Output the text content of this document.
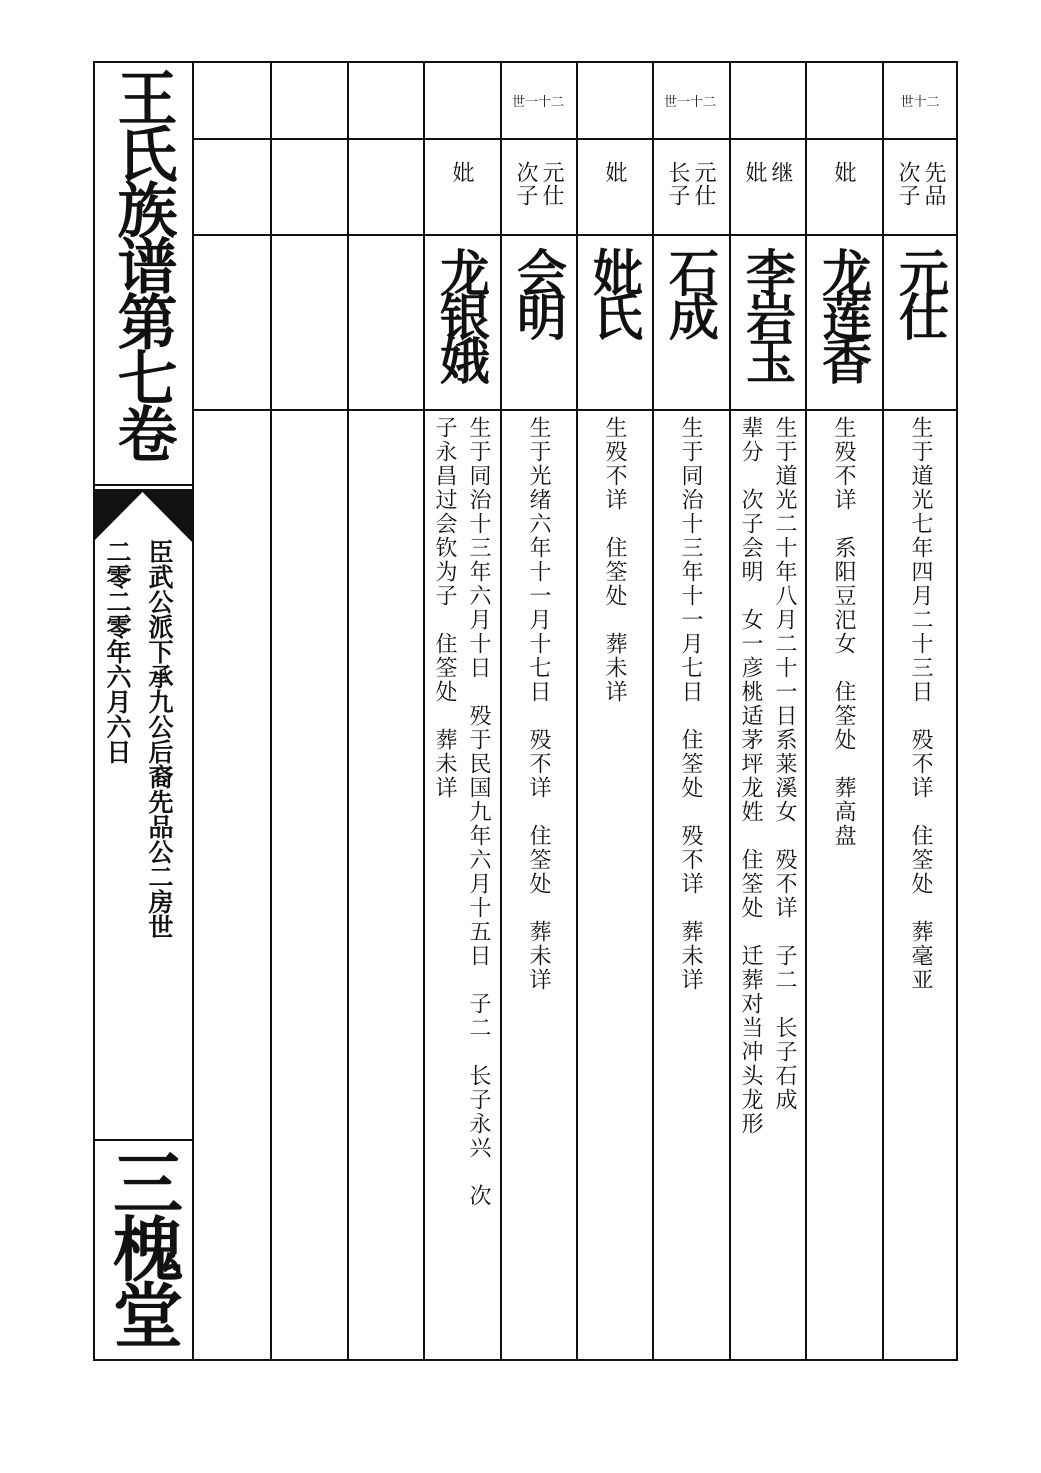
王氏族谱第七卷
臣武公派下承九公后裔先品公二房世
二零二零年六月六日
三槐堂
世十二
先品
次子
元仕
生于道光七年四月二十三日　殁不详　住筌处　葬毫亚
妣
龙莲香
生殁不详　系阳豆汜女　住筌处　葬高盘
继
妣
李岩玉
生于道光二十年八月二十一日系莱溪女　殁不详　子二　长子石成
辈分　次子会明　女一彦桃适茅坪龙姓　住筌处　迁葬对当冲头龙形
世一十二
元仕
长子
石成
生于同治十三年十一月七日　住筌处　殁不详　葬未详
妣
妣氏
生殁不详　住筌处　葬未详
世一十二
元仕
次子
会明
生于光绪六年十一月十七日　殁不详　住筌处　葬未详
妣
龙银娥
生于同治十三年六月十日　殁于民国九年六月十五日　子二　长子永兴　次
子永昌过会钦为子　住筌处　葬未详
